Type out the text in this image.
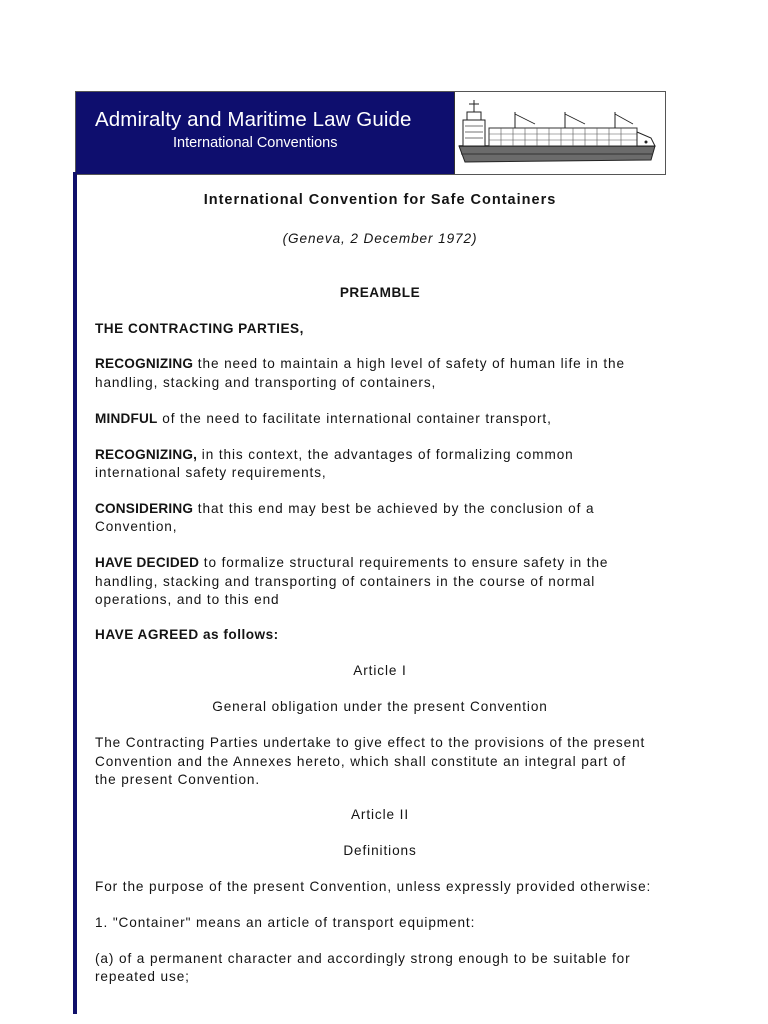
Admiralty and Maritime Law Guide
International Conventions
International Convention for Safe Containers
(Geneva, 2 December 1972)
PREAMBLE
THE CONTRACTING PARTIES,
RECOGNIZING the need to maintain a high level of safety of human life in the
handling, stacking and transporting of containers,
MINDFUL of the need to facilitate international container transport,
RECOGNIZING, in this context, the advantages of formalizing common
international safety requirements,
CONSIDERING that this end may best be achieved by the conclusion of a
Convention,
HAVE DECIDED to formalize structural requirements to ensure safety in the
handling, stacking and transporting of containers in the course of normal
operations, and to this end
HAVE AGREED as follows:
Article I
General obligation under the present Convention
The Contracting Parties undertake to give effect to the provisions of the present
Convention and the Annexes hereto, which shall constitute an integral part of
the present Convention.
Article II
Definitions
For the purpose of the present Convention, unless expressly provided otherwise:
1. "Container" means an article of transport equipment:
(a) of a permanent character and accordingly strong enough to be suitable for
repeated use;
